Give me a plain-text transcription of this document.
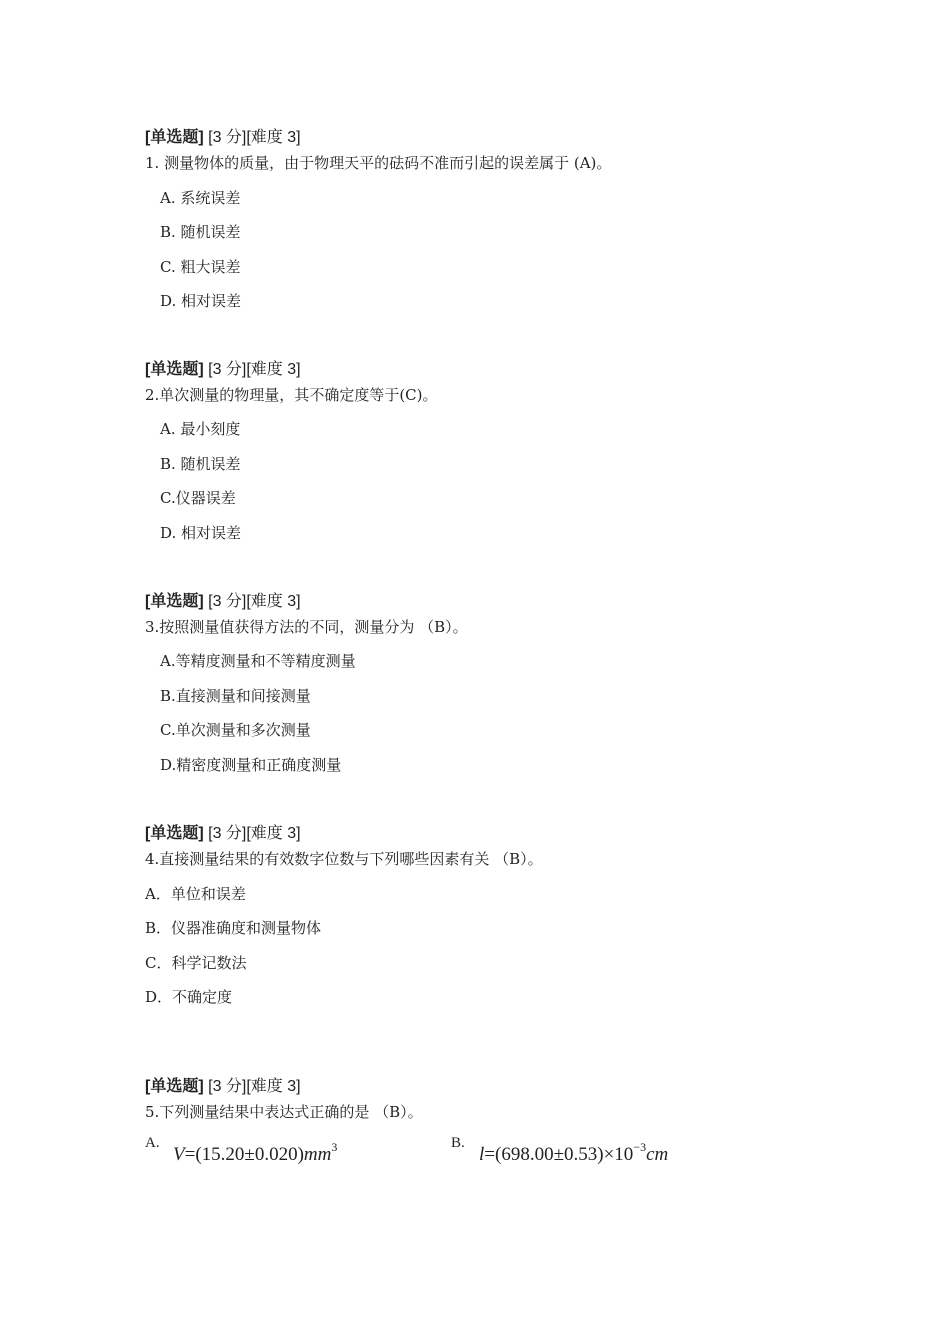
[单选题] [3 分][难度 3]
1. 测量物体的质量，由于物理天平的砝码不准而引起的误差属于 (A)。
A. 系统误差
B. 随机误差
C. 粗大误差
D. 相对误差
[单选题] [3 分][难度 3]
2.单次测量的物理量，其不确定度等于(C)。
A. 最小刻度
B. 随机误差
C.仪器误差
D. 相对误差
[单选题] [3 分][难度 3]
3.按照测量值获得方法的不同，测量分为 （B）。
A.等精度测量和不等精度测量
B.直接测量和间接测量
C.单次测量和多次测量
D.精密度测量和正确度测量
[单选题] [3 分][难度 3]
4.直接测量结果的有效数字位数与下列哪些因素有关 （B）。
A．单位和误差
B．仪器准确度和测量物体
C．科学记数法
D．不确定度
[单选题] [3 分][难度 3]
5.下列测量结果中表达式正确的是 （B）。
A.
$V=(15.20\pm 0.020)mm^3$	B.
$l=(698.00\pm 0.53)\times 10^{-3}cm$
